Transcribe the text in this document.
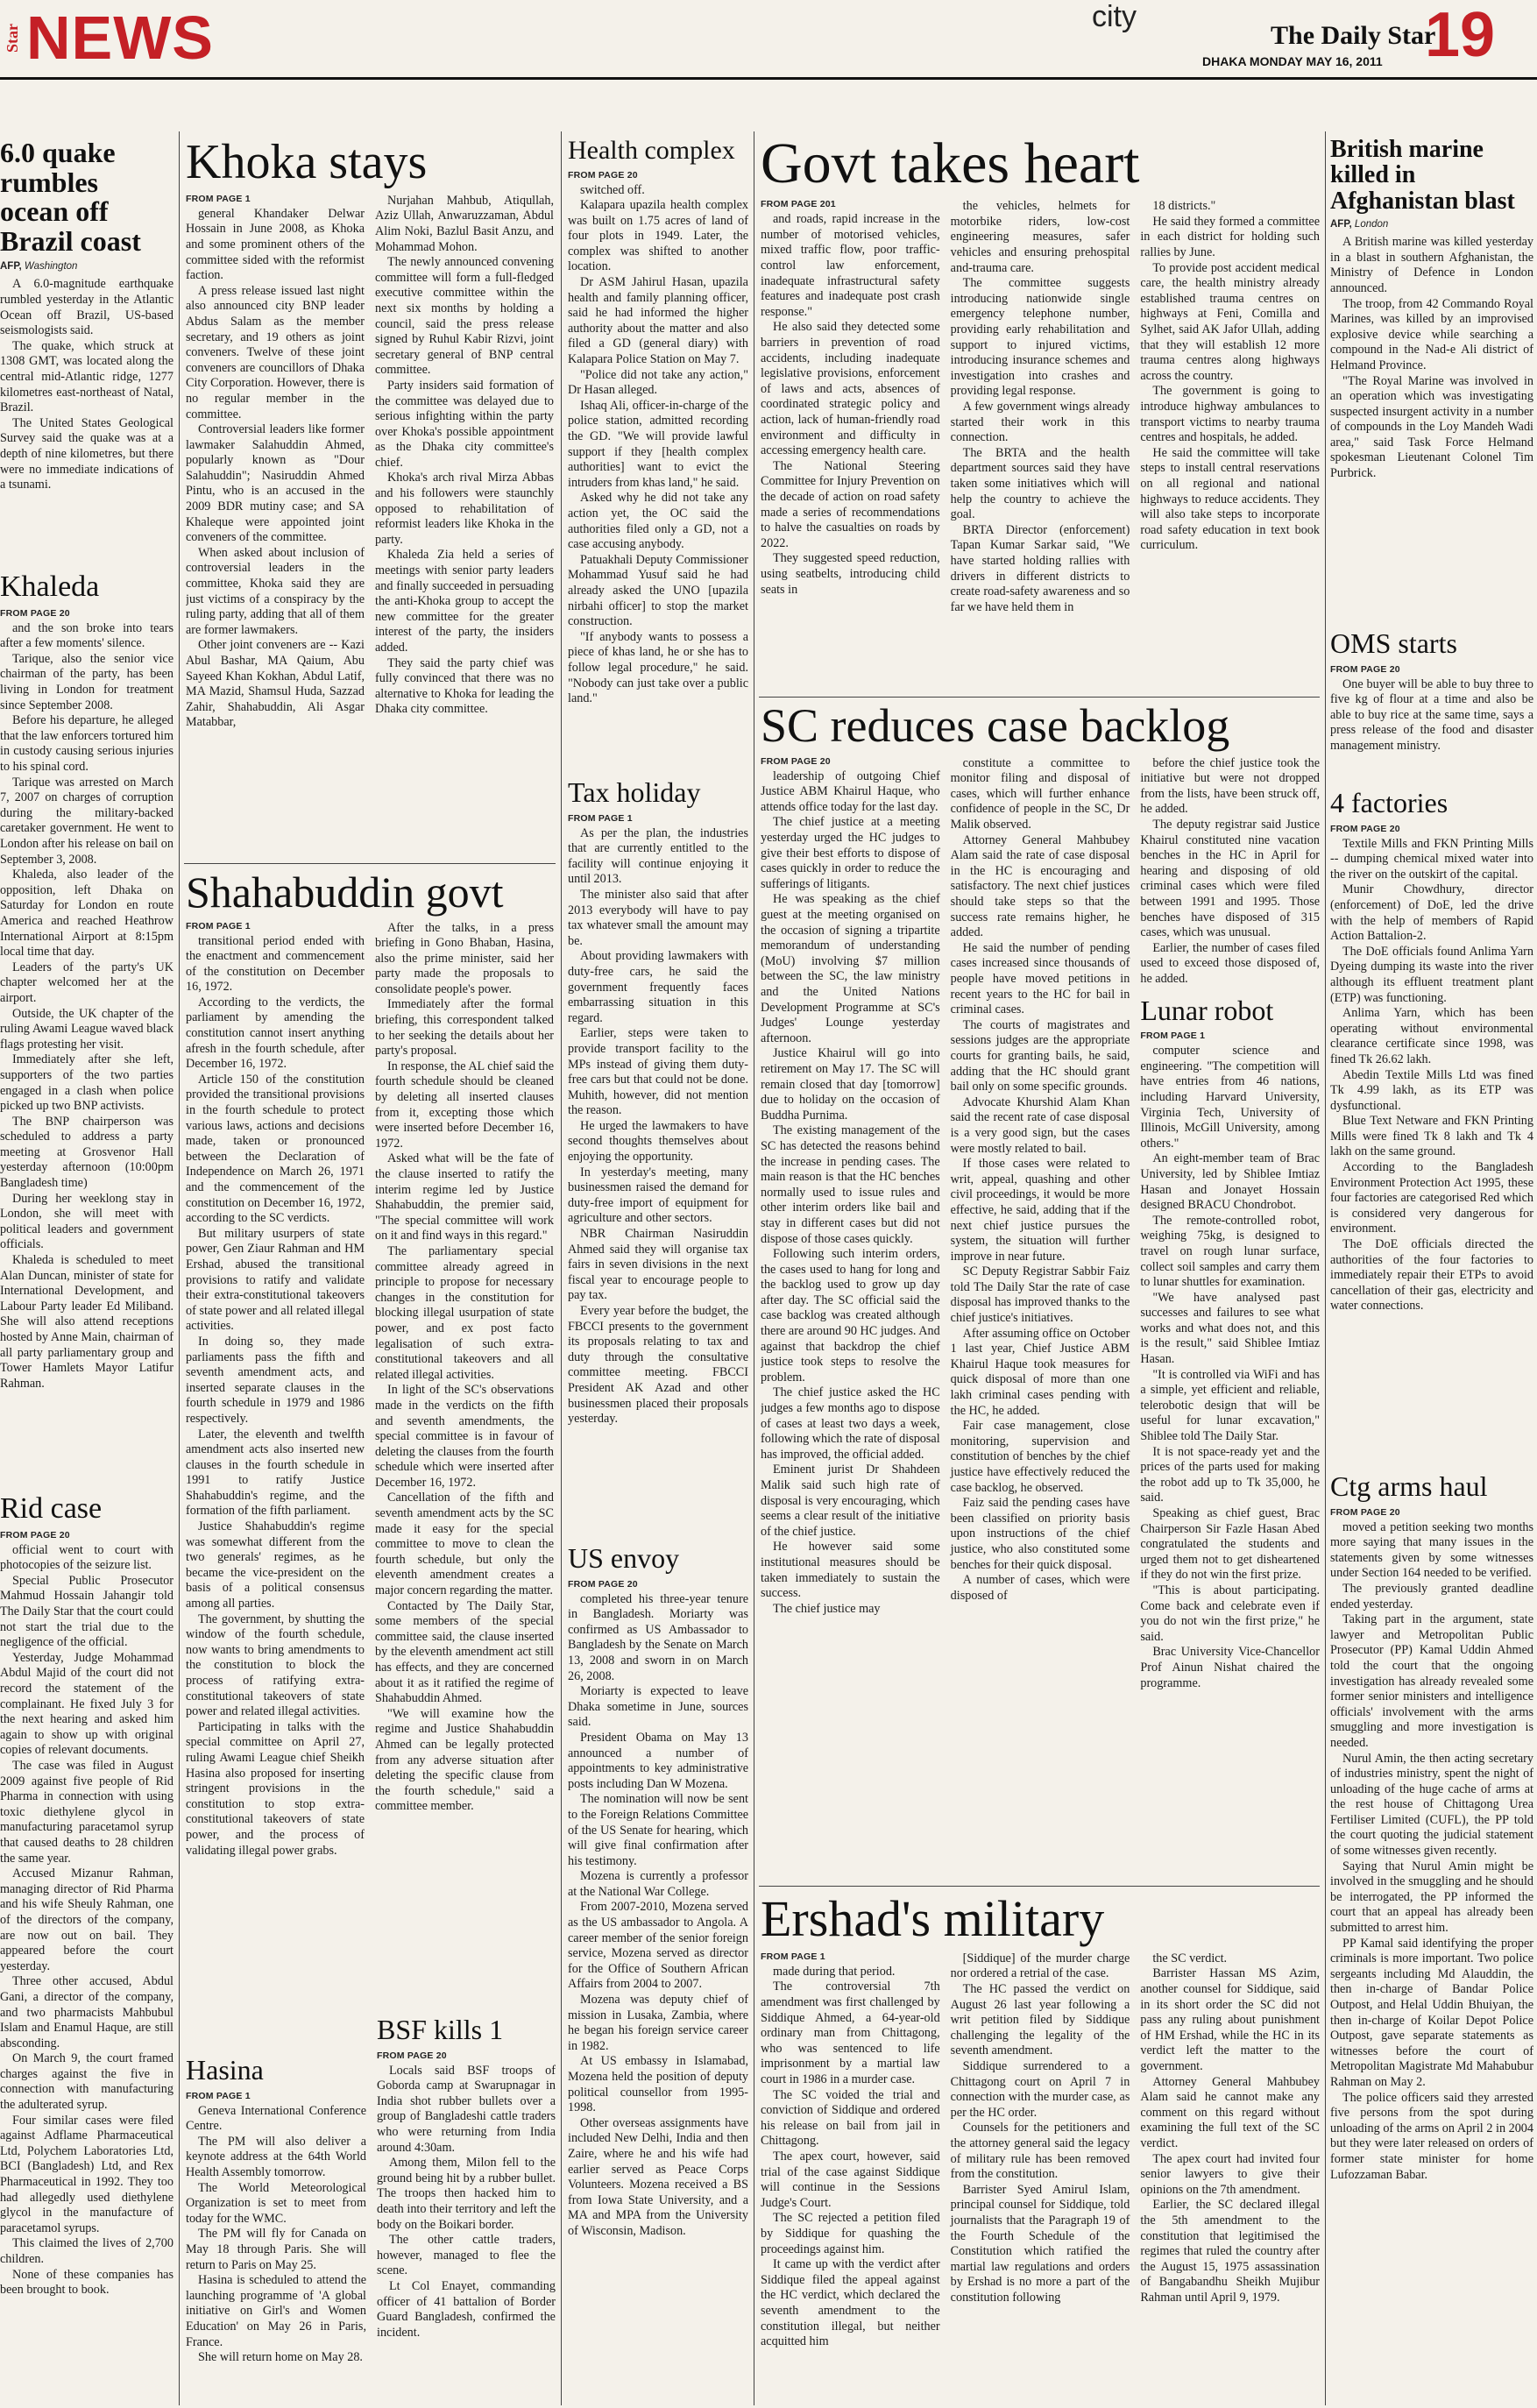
Star NEWS	city
The Daily Star
DHAKA MONDAY MAY 16, 2011 19
6.0 quake rumbles ocean off Brazil coast
AFP, Washington

A 6.0-magnitude earthquake rumbled yesterday in the Atlantic Ocean off Brazil, US-based seismologists said.

The quake, which struck at 1308 GMT, was located along the central mid-Atlantic ridge, 1277 kilometres east-northeast of Natal, Brazil.

The United States Geological Survey said the quake was at a depth of nine kilometres, but there were no immediate indications of a tsunami.

Khaleda
FROM PAGE 20

and the son broke into tears after a few moments' silence.

Tarique, also the senior vice chairman of the party, has been living in London for treatment since September 2008.

Before his departure, he alleged that the law enforcers tortured him in custody causing serious injuries to his spinal cord.

Tarique was arrested on March 7, 2007 on charges of corruption during the military-backed caretaker government. He went to London after his release on bail on September 3, 2008.

Khaleda, also leader of the opposition, left Dhaka on Saturday for London en route America and reached Heathrow International Airport at 8:15pm local time that day.

Leaders of the party's UK chapter welcomed her at the airport.

Outside, the UK chapter of the ruling Awami League waved black flags protesting her visit.

Immediately after she left, supporters of the two parties engaged in a clash when police picked up two BNP activists.

The BNP chairperson was scheduled to address a party meeting at Grosvenor Hall yesterday afternoon (10:00pm Bangladesh time)

During her weeklong stay in London, she will meet with political leaders and government officials.

Khaleda is scheduled to meet Alan Duncan, minister of state for International Development, and Labour Party leader Ed Miliband. She will also attend receptions hosted by Anne Main, chairman of all party parliamentary group and Tower Hamlets Mayor Latifur Rahman.

Rid case
FROM PAGE 20

official went to court with photocopies of the seizure list.

Special Public Prosecutor Mahmud Hossain Jahangir told The Daily Star that the court could not start the trial due to the negligence of the official.

Yesterday, Judge Mohammad Abdul Majid of the court did not record the statement of the complainant. He fixed July 3 for the next hearing and asked him again to show up with original copies of relevant documents.

The case was filed in August 2009 against five people of Rid Pharma in connection with using toxic diethylene glycol in manufacturing paracetamol syrup that caused deaths to 28 children the same year.

Accused Mizanur Rahman, managing director of Rid Pharma and his wife Sheuly Rahman, one of the directors of the company, are now out on bail. They appeared before the court yesterday.

Three other accused, Abdul Gani, a director of the company, and two pharmacists Mahbubul Islam and Enamul Haque, are still absconding.

On March 9, the court framed charges against the five in connection with manufacturing the adulterated syrup.

Four similar cases were filed against Adflame Pharmaceutical Ltd, Polychem Laboratories Ltd, BCI (Bangladesh) Ltd, and Rex Pharmaceutical in 1992. They too had allegedly used diethylene glycol in the manufacture of paracetamol syrups.

This claimed the lives of 2,700 children.

None of these companies has been brought to book.

Khoka stays
FROM PAGE 1

general Khandaker Delwar Hossain in June 2008, as Khoka and some prominent others of the committee sided with the reformist faction.

A press release issued last night also announced city BNP leader Abdus Salam as the member secretary, and 19 others as joint conveners. Twelve of these joint conveners are councillors of Dhaka City Corporation. However, there is no regular member in the committee.

Controversial leaders like former lawmaker Salahuddin Ahmed, popularly known as "Dour Salahuddin"; Nasiruddin Ahmed Pintu, who is an accused in the 2009 BDR mutiny case; and SA Khaleque were appointed joint conveners of the committee.

When asked about inclusion of controversial leaders in the committee, Khoka said they are just victims of a conspiracy by the ruling party, adding that all of them are former lawmakers.

Other joint conveners are -- Kazi Abul Bashar, MA Qaium, Abu Sayeed Khan Kokhan, Abdul Latif, MA Mazid, Shamsul Huda, Sazzad Zahir, Shahabuddin, Ali Asgar Matabbar,

Nurjahan Mahbub, Atiqullah, Aziz Ullah, Anwaruzzaman, Abdul Alim Noki, Bazlul Basit Anzu, and Mohammad Mohon.

The newly announced convening committee will form a full-fledged executive committee within the next six months by holding a council, said the press release signed by Ruhul Kabir Rizvi, joint secretary general of BNP central committee.

Party insiders said formation of the committee was delayed due to serious infighting within the party over Khoka's possible appointment as the Dhaka city committee's chief.

Khoka's arch rival Mirza Abbas and his followers were staunchly opposed to rehabilitation of reformist leaders like Khoka in the party.

Khaleda Zia held a series of meetings with senior party leaders and finally succeeded in persuading the anti-Khoka group to accept the new committee for the greater interest of the party, the insiders added.

They said the party chief was fully convinced that there was no alternative to Khoka for leading the Dhaka city committee.

Shahabuddin govt
FROM PAGE 1

transitional period ended with the enactment and commencement of the constitution on December 16, 1972.

According to the verdicts, the parliament by amending the constitution cannot insert anything afresh in the fourth schedule, after December 16, 1972.

Article 150 of the constitution provided the transitional provisions in the fourth schedule to protect various laws, actions and decisions made, taken or pronounced between the Declaration of Independence on March 26, 1971 and the commencement of the constitution on December 16, 1972, according to the SC verdicts.

But military usurpers of state power, Gen Ziaur Rahman and HM Ershad, abused the transitional provisions to ratify and validate their extra-constitutional takeovers of state power and all related illegal activities.

In doing so, they made parliaments pass the fifth and seventh amendment acts, and inserted separate clauses in the fourth schedule in 1979 and 1986 respectively.

Later, the eleventh and twelfth amendment acts also inserted new clauses in the fourth schedule in 1991 to ratify Justice Shahabuddin's regime, and the formation of the fifth parliament.

Justice Shahabuddin's regime was somewhat different from the two generals' regimes, as he became the vice-president on the basis of a political consensus among all parties.

The government, by shutting the window of the fourth schedule, now wants to bring amendments to the constitution to block the process of ratifying extra-constitutional takeovers of state power and related illegal activities.

Participating in talks with the special committee on April 27, ruling Awami League chief Sheikh Hasina also proposed for inserting stringent provisions in the constitution to stop extra-constitutional takeovers of state power, and the process of validating illegal power grabs.

After the talks, in a press briefing in Gono Bhaban, Hasina, also the prime minister, said her party made the proposals to consolidate people's power.

Immediately after the formal briefing, this correspondent talked to her seeking the details about her party's proposal.

In response, the AL chief said the fourth schedule should be cleaned by deleting all inserted clauses from it, excepting those which were inserted before December 16, 1972.

Asked what will be the fate of the clause inserted to ratify the interim regime led by Justice Shahabuddin, the premier said, "The special committee will work on it and find ways in this regard."

The parliamentary special committee already agreed in principle to propose for necessary changes in the constitution for blocking illegal usurpation of state power, and ex post facto legalisation of such extra-constitutional takeovers and all related illegal activities.

In light of the SC's observations made in the verdicts on the fifth and seventh amendments, the special committee is in favour of deleting the clauses from the fourth schedule which were inserted after December 16, 1972.

Cancellation of the fifth and seventh amendment acts by the SC made it easy for the special committee to move to clean the fourth schedule, but only the eleventh amendment creates a major concern regarding the matter.

Contacted by The Daily Star, some members of the special committee said, the clause inserted by the eleventh amendment act still has effects, and they are concerned about it as it ratified the regime of Shahabuddin Ahmed.

"We will examine how the regime and Justice Shahabuddin Ahmed can be legally protected from any adverse situation after deleting the specific clause from the fourth schedule," said a committee member.

Hasina
FROM PAGE 1

Geneva International Conference Centre.

The PM will also deliver a keynote address at the 64th World Health Assembly tomorrow.

The World Meteorological Organization is set to meet from today for the WMC.

The PM will fly for Canada on May 18 through Paris. She will return to Paris on May 25.

Hasina is scheduled to attend the launching programme of 'A global initiative on Girl's and Women Education' on May 26 in Paris, France.

She will return home on May 28.

BSF kills 1
FROM PAGE 20

Locals said BSF troops of Goborda camp at Swarupnagar in India shot rubber bullets over a group of Bangladeshi cattle traders who were returning from India around 4:30am.

Among them, Milon fell to the ground being hit by a rubber bullet. The troops then hacked him to death into their territory and left the body on the Boikari border.

The other cattle traders, however, managed to flee the scene.

Lt Col Enayet, commanding officer of 41 battalion of Border Guard Bangladesh, confirmed the incident.

Health complex
FROM PAGE 20

switched off.

Kalapara upazila health complex was built on 1.75 acres of land of four plots in 1949. Later, the complex was shifted to another location.

Dr ASM Jahirul Hasan, upazila health and family planning officer, said he had informed the higher authority about the matter and also filed a GD (general diary) with Kalapara Police Station on May 7.

"Police did not take any action," Dr Hasan alleged.

Ishaq Ali, officer-in-charge of the police station, admitted recording the GD. "We will provide lawful support if they [health complex authorities] want to evict the intruders from khas land," he said.

Asked why he did not take any action yet, the OC said the authorities filed only a GD, not a case accusing anybody.

Patuakhali Deputy Commissioner Mohammad Yusuf said he had already asked the UNO [upazila nirbahi officer] to stop the market construction.

"If anybody wants to possess a piece of khas land, he or she has to follow legal procedure," he said. "Nobody can just take over a public land."

Tax holiday
FROM PAGE 1

As per the plan, the industries that are currently entitled to the facility will continue enjoying it until 2013.

The minister also said that after 2013 everybody will have to pay tax whatever small the amount may be.

About providing lawmakers with duty-free cars, he said the government frequently faces embarrassing situation in this regard.

Earlier, steps were taken to provide transport facility to the MPs instead of giving them duty-free cars but that could not be done. Muhith, however, did not mention the reason.

He urged the lawmakers to have second thoughts themselves about enjoying the opportunity.

In yesterday's meeting, many businessmen raised the demand for duty-free import of equipment for agriculture and other sectors.

NBR Chairman Nasiruddin Ahmed said they will organise tax fairs in seven divisions in the next fiscal year to encourage people to pay tax.

Every year before the budget, the FBCCI presents to the government its proposals relating to tax and duty through the consultative committee meeting. FBCCI President AK Azad and other businessmen placed their proposals yesterday.

US envoy
FROM PAGE 20

completed his three-year tenure in Bangladesh. Moriarty was confirmed as US Ambassador to Bangladesh by the Senate on March 13, 2008 and sworn in on March 26, 2008.

Moriarty is expected to leave Dhaka sometime in June, sources said.

President Obama on May 13 announced a number of appointments to key administrative posts including Dan W Mozena.

The nomination will now be sent to the Foreign Relations Committee of the US Senate for hearing, which will give final confirmation after his testimony.

Mozena is currently a professor at the National War College.

From 2007-2010, Mozena served as the US ambassador to Angola. A career member of the senior foreign service, Mozena served as director for the Office of Southern African Affairs from 2004 to 2007.

Mozena was deputy chief of mission in Lusaka, Zambia, where he began his foreign service career in 1982.

At US embassy in Islamabad, Mozena held the position of deputy political counsellor from 1995-1998.

Other overseas assignments have included New Delhi, India and then Zaire, where he and his wife had earlier served as Peace Corps Volunteers. Mozena received a BS from Iowa State University, and a MA and MPA from the University of Wisconsin, Madison.

Govt takes heart
FROM PAGE 201

and roads, rapid increase in the number of motorised vehicles, mixed traffic flow, poor traffic-control law enforcement, inadequate infrastructural safety features and inadequate post crash response."

He also said they detected some barriers in prevention of road accidents, including inadequate legislative provisions, enforcement of laws and acts, absences of coordinated strategic policy and action, lack of human-friendly road environment and difficulty in accessing emergency health care.

The National Steering Committee for Injury Prevention on the decade of action on road safety made a series of recommendations to halve the casualties on roads by 2022.

They suggested speed reduction, using seatbelts, introducing child seats in

the vehicles, helmets for motorbike riders, low-cost engineering measures, safer vehicles and ensuring prehospital and-trauma care.

The committee suggests introducing nationwide single emergency telephone number, providing early rehabilitation and support to injured victims, introducing insurance schemes and investigation into crashes and providing legal response.

A few government wings already started their work in this connection.

The BRTA and the health department sources said they have taken some initiatives which will help the country to achieve the goal.

BRTA Director (enforcement) Tapan Kumar Sarkar said, "We have started holding rallies with drivers in different districts to create road-safety awareness and so far we have held them in

18 districts."

He said they formed a committee in each district for holding such rallies by June.

To provide post accident medical care, the health ministry already established trauma centres on highways at Feni, Comilla and Sylhet, said AK Jafor Ullah, adding that they will establish 12 more trauma centres along highways across the country.

The government is going to introduce highway ambulances to transport victims to nearby trauma centres and hospitals, he added.

He said the committee will take steps to install central reservations on all regional and national highways to reduce accidents. They will also take steps to incorporate road safety education in text book curriculum.

SC reduces case backlog
FROM PAGE 20

leadership of outgoing Chief Justice ABM Khairul Haque, who attends office today for the last day.

The chief justice at a meeting yesterday urged the HC judges to give their best efforts to dispose of cases quickly in order to reduce the sufferings of litigants.

He was speaking as the chief guest at the meeting organised on the occasion of signing a tripartite memorandum of understanding (MoU) involving $7 million between the SC, the law ministry and the United Nations Development Programme at SC's Judges' Lounge yesterday afternoon.

Justice Khairul will go into retirement on May 17. The SC will remain closed that day [tomorrow] due to holiday on the occasion of Buddha Purnima.

The existing management of the SC has detected the reasons behind the increase in pending cases. The main reason is that the HC benches normally used to issue rules and other interim orders like bail and stay in different cases but did not dispose of those cases quickly.

Following such interim orders, the cases used to hang for long and the backlog used to grow up day after day. The SC official said the case backlog was created although there are around 90 HC judges. And against that backdrop the chief justice took steps to resolve the problem.

The chief justice asked the HC judges a few months ago to dispose of cases at least two days a week, following which the rate of disposal has improved, the official added.

Eminent jurist Dr Shahdeen Malik said such high rate of disposal is very encouraging, which seems a clear result of the initiative of the chief justice.

He however said some institutional measures should be taken immediately to sustain the success.

The chief justice may

constitute a committee to monitor filing and disposal of cases, which will further enhance confidence of people in the SC, Dr Malik observed.

Attorney General Mahbubey Alam said the rate of case disposal in the HC is encouraging and satisfactory. The next chief justices should take steps so that the success rate remains higher, he added.

He said the number of pending cases increased since thousands of people have moved petitions in recent years to the HC for bail in criminal cases.

The courts of magistrates and sessions judges are the appropriate courts for granting bails, he said, adding that the HC should grant bail only on some specific grounds.

Advocate Khurshid Alam Khan said the recent rate of case disposal is a very good sign, but the cases were mostly related to bail.

If those cases were related to writ, appeal, quashing and other civil proceedings, it would be more effective, he said, adding that if the next chief justice pursues the system, the situation will further improve in near future.

SC Deputy Registrar Sabbir Faiz told The Daily Star the rate of case disposal has improved thanks to the chief justice's initiatives.

After assuming office on October 1 last year, Chief Justice ABM Khairul Haque took measures for quick disposal of more than one lakh criminal cases pending with the HC, he added.

Fair case management, close monitoring, supervision and constitution of benches by the chief justice have effectively reduced the case backlog, he observed.

Faiz said the pending cases have been classified on priority basis upon instructions of the chief justice, who also constituted some benches for their quick disposal.

A number of cases, which were disposed of

before the chief justice took the initiative but were not dropped from the lists, have been struck off, he added.

The deputy registrar said Justice Khairul constituted nine vacation benches in the HC in April for hearing and disposing of old criminal cases which were filed between 1991 and 1995. Those benches have disposed of 315 cases, which was unusual.

Earlier, the number of cases filed used to exceed those disposed of, he added.

Lunar robot
FROM PAGE 1

computer science and engineering. "The competition will have entries from 46 nations, including Harvard University, Virginia Tech, University of Illinois, McGill University, among others."

An eight-member team of Brac University, led by Shiblee Imtiaz Hasan and Jonayet Hossain designed BRACU Chondrobot.

The remote-controlled robot, weighing 75kg, is designed to travel on rough lunar surface, collect soil samples and carry them to lunar shuttles for examination.

"We have analysed past successes and failures to see what works and what does not, and this is the result," said Shiblee Imtiaz Hasan.

"It is controlled via WiFi and has a simple, yet efficient and reliable, telerobotic design that will be useful for lunar excavation," Shiblee told The Daily Star.

It is not space-ready yet and the prices of the parts used for making the robot add up to Tk 35,000, he said.

Speaking as chief guest, Brac Chairperson Sir Fazle Hasan Abed congratulated the students and urged them not to get disheartened if they do not win the first prize.

"This is about participating. Come back and celebrate even if you do not win the first prize," he said.

Brac University Vice-Chancellor Prof Ainun Nishat chaired the programme.

Ershad's military
FROM PAGE 1

made during that period.

The controversial 7th amendment was first challenged by Siddique Ahmed, a 64-year-old ordinary man from Chittagong, who was sentenced to life imprisonment by a martial law court in 1986 in a murder case.

The SC voided the trial and conviction of Siddique and ordered his release on bail from jail in Chittagong.

The apex court, however, said trial of the case against Siddique will continue in the Sessions Judge's Court.

The SC rejected a petition filed by Siddique for quashing the proceedings against him.

It came up with the verdict after Siddique filed the appeal against the HC verdict, which declared the seventh amendment to the constitution illegal, but neither acquitted him

[Siddique] of the murder charge nor ordered a retrial of the case.

The HC passed the verdict on August 26 last year following a writ petition filed by Siddique challenging the legality of the seventh amendment.

Siddique surrendered to a Chittagong court on April 7 in connection with the murder case, as per the HC order.

Counsels for the petitioners and the attorney general said the legacy of military rule has been removed from the constitution.

Barrister Syed Amirul Islam, principal counsel for Siddique, told journalists that the Paragraph 19 of the Fourth Schedule of the Constitution which ratified the martial law regulations and orders by Ershad is no more a part of the constitution following

the SC verdict.

Barrister Hassan MS Azim, another counsel for Siddique, said in its short order the SC did not pass any ruling about punishment of HM Ershad, while the HC in its verdict left the matter to the government.

Attorney General Mahbubey Alam said he cannot make any comment on this regard without examining the full text of the SC verdict.

The apex court had invited four senior lawyers to give their opinions on the 7th amendment.

Earlier, the SC declared illegal the 5th amendment to the constitution that legitimised the regimes that ruled the country after the August 15, 1975 assassination of Bangabandhu Sheikh Mujibur Rahman until April 9, 1979.

British marine killed in Afghanistan blast
AFP, London

A British marine was killed yesterday in a blast in southern Afghanistan, the Ministry of Defence in London announced.

The troop, from 42 Commando Royal Marines, was killed by an improvised explosive device while searching a compound in the Nad-e Ali district of Helmand Province.

"The Royal Marine was involved in an operation which was investigating suspected insurgent activity in a number of compounds in the Loy Mandeh Wadi area," said Task Force Helmand spokesman Lieutenant Colonel Tim Purbrick.

OMS starts
FROM PAGE 20

One buyer will be able to buy three to five kg of flour at a time and also be able to buy rice at the same time, says a press release of the food and disaster management ministry.

4 factories
FROM PAGE 20

Textile Mills and FKN Printing Mills -- dumping chemical mixed water into the river on the outskirt of the capital.

Munir Chowdhury, director (enforcement) of DoE, led the drive with the help of members of Rapid Action Battalion-2.

The DoE officials found Anlima Yarn Dyeing dumping its waste into the river although its effluent treatment plant (ETP) was functioning.

Anlima Yarn, which has been operating without environmental clearance certificate since 1998, was fined Tk 26.62 lakh.

Abedin Textile Mills Ltd was fined Tk 4.99 lakh, as its ETP was dysfunctional.

Blue Text Netware and FKN Printing Mills were fined Tk 8 lakh and Tk 4 lakh on the same ground.

According to the Bangladesh Environment Protection Act 1995, these four factories are categorised Red which is considered very dangerous for environment.

The DoE officials directed the authorities of the four factories to immediately repair their ETPs to avoid cancellation of their gas, electricity and water connections.

Ctg arms haul
FROM PAGE 20

moved a petition seeking two months more saying that many issues in the statements given by some witnesses under Section 164 needed to be verified.

The previously granted deadline ended yesterday.

Taking part in the argument, state lawyer and Metropolitan Public Prosecutor (PP) Kamal Uddin Ahmed told the court that the ongoing investigation has already revealed some former senior ministers and intelligence officials' involvement with the arms smuggling and more investigation is needed.

Nurul Amin, the then acting secretary of industries ministry, spent the night of unloading of the huge cache of arms at the rest house of Chittagong Urea Fertiliser Limited (CUFL), the PP told the court quoting the judicial statement of some witnesses given recently.

Saying that Nurul Amin might be involved in the smuggling and he should be interrogated, the PP informed the court that an appeal has already been submitted to arrest him.

PP Kamal said identifying the proper criminals is more important. Two police sergeants including Md Alauddin, the then in-charge of Bandar Police Outpost, and Helal Uddin Bhuiyan, the then in-charge of Koilar Depot Police Outpost, gave separate statements as witnesses before the court of Metropolitan Magistrate Md Mahabubur Rahman on May 2.

The police officers said they arrested five persons from the spot during unloading of the arms on April 2 in 2004 but they were later released on orders of former state minister for home Lufozzaman Babar.
